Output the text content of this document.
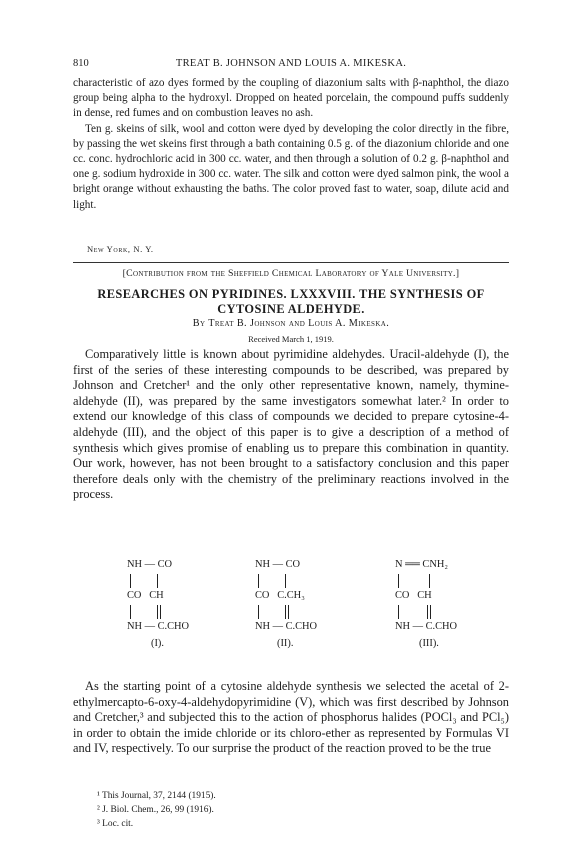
810	TREAT B. JOHNSON AND LOUIS A. MIKESKA.

characteristic of azo dyes formed by the coupling of diazonium salts with β-naphthol, the diazo group being alpha to the hydroxyl. Dropped on heated porcelain, the compound puffs suddenly in dense, red fumes and on combustion leaves no ash.

Ten g. skeins of silk, wool and cotton were dyed by developing the color directly in the fibre, by passing the wet skeins first through a bath containing 0.5 g. of the diazonium chloride and one cc. conc. hydrochloric acid in 300 cc. water, and then through a solution of 0.2 g. β-naphthol and one g. sodium hydroxide in 300 cc. water. The silk and cotton were dyed salmon pink, the wool a bright orange without exhausting the baths. The color proved fast to water, soap, dilute acid and light.

New York, N. Y.
[Contribution from the Sheffield Chemical Laboratory of Yale University.]
RESEARCHES ON PYRIDINES. LXXXVIII. THE SYNTHESIS OF
CYTOSINE ALDEHYDE.
By Treat B. Johnson and Louis A. Mikeska.
Received March 1, 1919.

Comparatively little is known about pyrimidine aldehydes. Uracil-aldehyde (I), the first of the series of these interesting compounds to be described, was prepared by Johnson and Cretcher¹ and the only other representative known, namely, thymine-aldehyde (II), was prepared by the same investigators somewhat later.² In order to extend our knowledge of this class of compounds we decided to prepare cytosine-4-aldehyde (III), and the object of this paper is to give a description of a method of synthesis which gives promise of enabling us to prepare this combination in quantity. Our work, however, has not been brought to a satisfactory conclusion and this paper therefore deals only with the chemistry of the preliminary reactions involved in the process.

NH — CO
CO   CH
NH — C.CHO
(I).
NH — CO
CO   C.CH₃
NH — C.CHO
(II).
N ══ CNH₂
CO   CH
NH — C.CHO
(III).

As the starting point of a cytosine aldehyde synthesis we selected the acetal of 2-ethylmercapto-6-oxy-4-aldehydopyrimidine (V), which was first described by Johnson and Cretcher,³ and subjected this to the action of phosphorus halides (POCl₃ and PCl₅) in order to obtain the imide chloride or its chloro-ether as represented by Formulas VI and IV, respectively. To our surprise the product of the reaction proved to be the true

¹ This Journal, 37, 2144 (1915).
² J. Biol. Chem., 26, 99 (1916).
³ Loc. cit.
